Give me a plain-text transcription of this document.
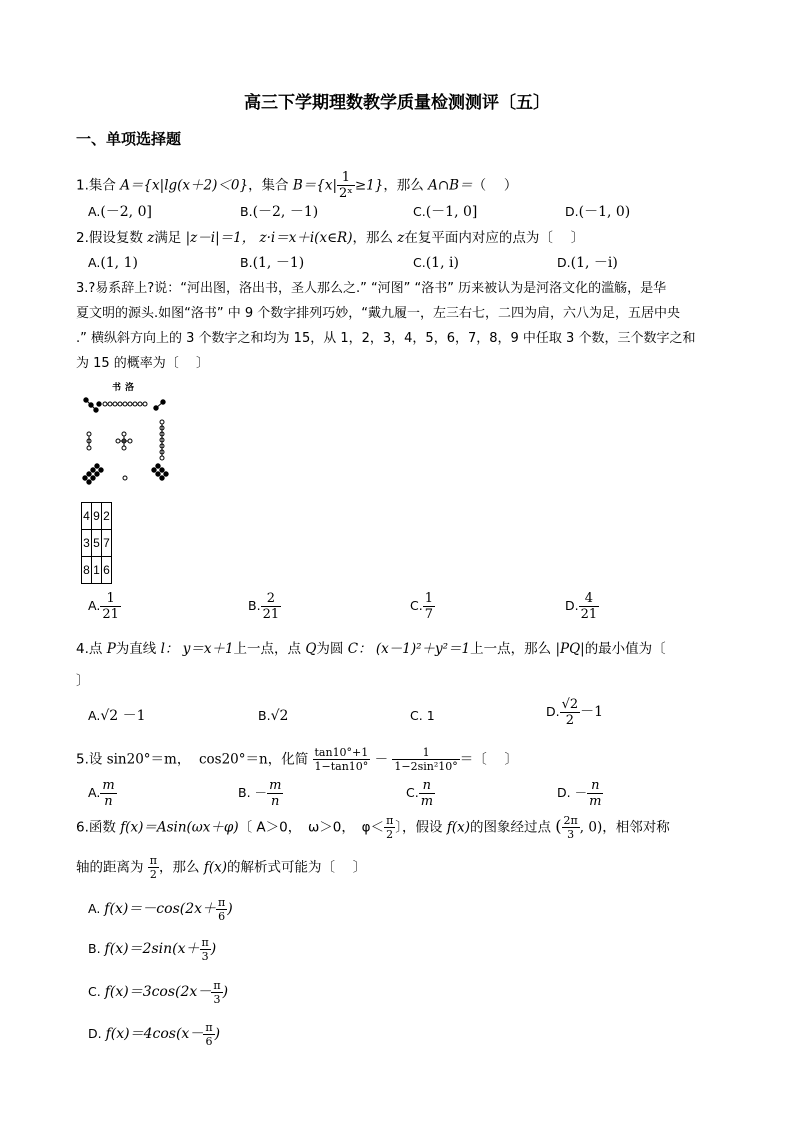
高三下学期理数教学质量检测测评〔五〕
一、单项选择题
1.集合 A＝{x|lg(x＋2)＜0}，集合 $B=\{x| \frac{1}{\text{2ˣ}} \ge 1\}$，那么 A∩B＝（　 ）
A.(－2, 0]	B.(－2, －1)	C.(－1, 0]	D.(－1, 0)
2.假设复数 z满足 |z－i|＝1， z·i＝x＋i(x∈R)，那么 z在复平面内对应的点为〔　 〕
A.(1, 1)	B.(1, －1)	C.(1, i)	D.(1, －i)
3.?易系辞上?说：“河出图，洛出书，圣人那么之.” “河图” “洛书” 历来被认为是河洛文化的滥觞，是华
夏文明的源头.如图“洛书” 中 9 个数字排列巧妙，“戴九履一，左三右七，二四为肩，六八为足，五居中央
.” 横纵斜方向上的 3 个数字之和均为 15，从 1，2，3，4，5，6，7，8，9 中任取 3 个数，三个数字之和
为 15 的概率为〔　 〕
书洛
4	9	2
3	5	7
8	1	6
A. $\frac{1}{21}$	B. $\frac{2}{21}$	C. $\frac{1}{7}$	D. $\frac{4}{21}$
4.点 P为直线 l： y＝x＋1上一点，点 Q为圆 C： (x－1)²＋y²＝1上一点，那么 |PQ|的最小值为〔
〕
A.√2 －1	B.√2	C. 1	D. $\frac{√2}{2} -1$
5.设 sin20°＝m， cos20°＝n，化简 $\frac{\tan 10^\circ+1}{1-\tan 10^\circ} - \frac{1}{\text{1−2sin²10°}}$ ＝〔　 〕
A. $\frac{m}{n}$	B. － $\frac{m}{n}$	C. $\frac{n}{m}$	D. － $\frac{n}{m}$
6.函数 f(x)＝Asin(ωx＋φ)〔 A＞0，　ω＞0，　$\varphi< \frac{\pi}{2}$ 〕，假设 f(x)的图象经过点 ( $\frac{2\pi}{3}$ , 0)，相邻对称
轴的距离为 $\frac{\pi}{2}$ ，那么 f(x)的解析式可能为〔　 〕
A. $f(x)=-\cos(2x+ \frac{\pi}{6}$ )
B. $f(x)=2\sin(x+ \frac{\pi}{3}$ )
C. $f(x)=3\cos(2x- \frac{\pi}{3}$ )
D. $f(x)=4\cos(x- \frac{\pi}{6}$ )
